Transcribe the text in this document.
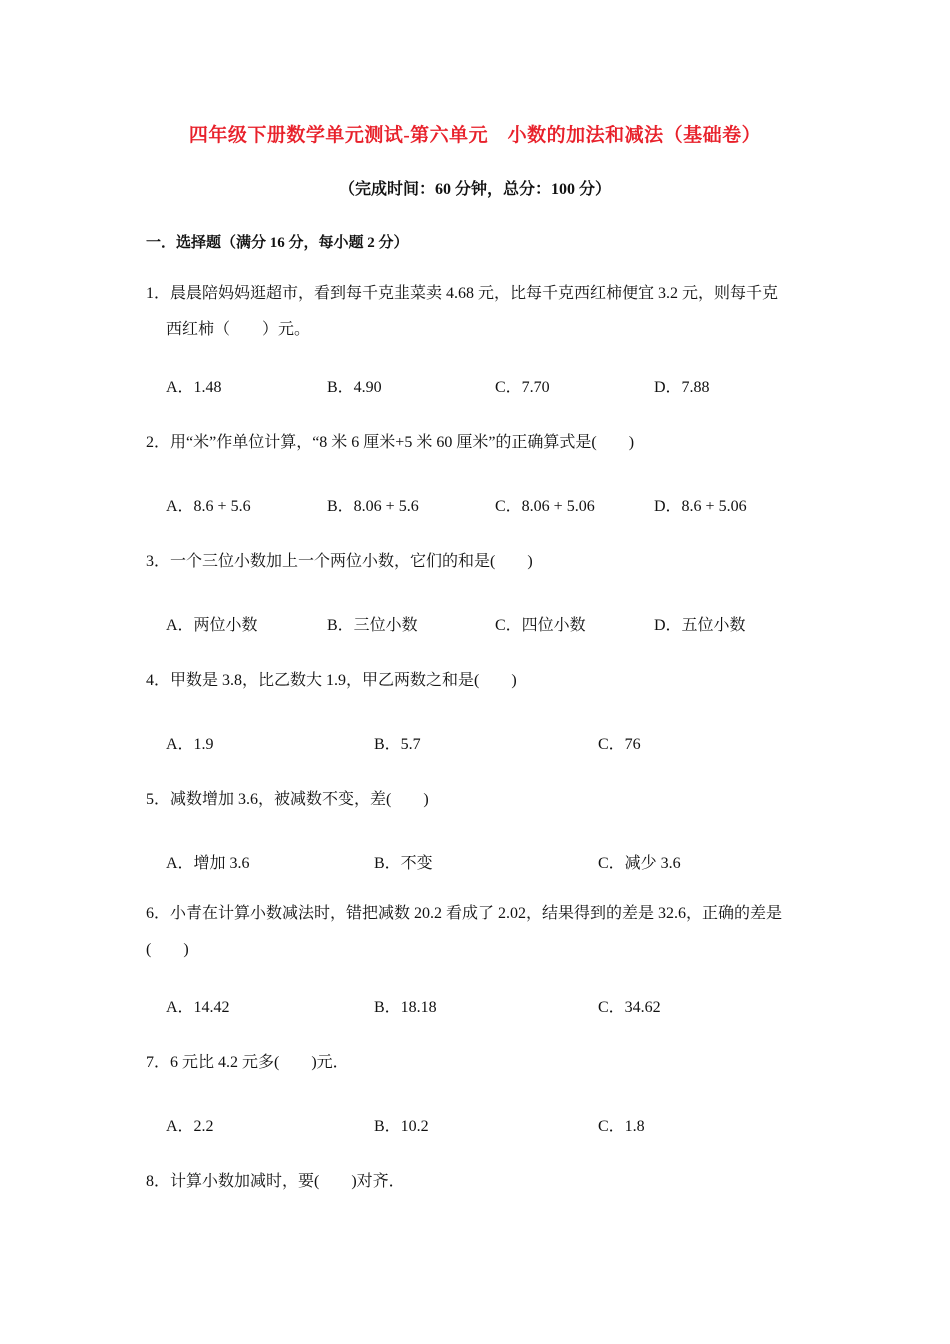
四年级下册数学单元测试-第六单元　小数的加法和减法（基础卷）
（完成时间：60 分钟，总分：100 分）
一．选择题（满分 16 分，每小题 2 分）
1．晨晨陪妈妈逛超市，看到每千克韭菜卖 4.68 元，比每千克西红柿便宜 3.2 元，则每千克
西红柿（　　）元。
A．1.48	B．4.90	C．7.70	D．7.88
2．用“米”作单位计算，“8 米 6 厘米+5 米 60 厘米”的正确算式是(　　)
A．8.6 + 5.6	B．8.06 + 5.6	C．8.06 + 5.06	D．8.6 + 5.06
3．一个三位小数加上一个两位小数，它们的和是(　　)
A．两位小数	B．三位小数	C．四位小数	D．五位小数
4．甲数是 3.8，比乙数大 1.9，甲乙两数之和是(　　)
A．1.9	B．5.7	C．76
5．减数增加 3.6，被减数不变，差(　　)
A．增加 3.6	B．不变	C．减少 3.6
6．小青在计算小数减法时，错把减数 20.2 看成了 2.02，结果得到的差是 32.6，正确的差是
(　　)
A．14.42	B．18.18	C．34.62
7．6 元比 4.2 元多(　　)元．
A．2.2	B．10.2	C．1.8
8．计算小数加减时，要(　　)对齐．
